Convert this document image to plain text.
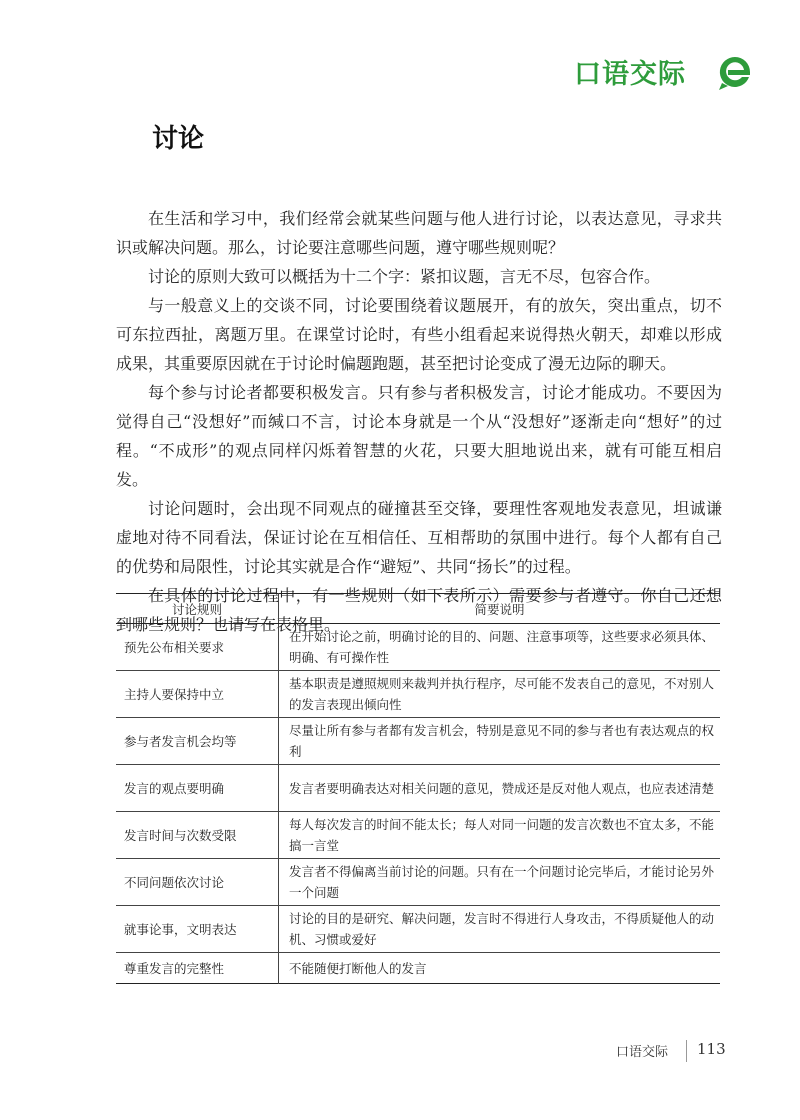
口语交际
讨论

在生活和学习中，我们经常会就某些问题与他人进行讨论，以表达意见，寻求共识或解决问题。那么，讨论要注意哪些问题，遵守哪些规则呢？

讨论的原则大致可以概括为十二个字：紧扣议题，言无不尽，包容合作。

与一般意义上的交谈不同，讨论要围绕着议题展开，有的放矢，突出重点，切不可东拉西扯，离题万里。在课堂讨论时，有些小组看起来说得热火朝天，却难以形成成果，其重要原因就在于讨论时偏题跑题，甚至把讨论变成了漫无边际的聊天。

每个参与讨论者都要积极发言。只有参与者积极发言，讨论才能成功。不要因为觉得自己“没想好”而缄口不言，讨论本身就是一个从“没想好”逐渐走向“想好”的过程。“不成形”的观点同样闪烁着智慧的火花，只要大胆地说出来，就有可能互相启发。

讨论问题时，会出现不同观点的碰撞甚至交锋，要理性客观地发表意见，坦诚谦虚地对待不同看法，保证讨论在互相信任、互相帮助的氛围中进行。每个人都有自己的优势和局限性，讨论其实就是合作“避短”、共同“扬长”的过程。

在具体的讨论过程中，有一些规则（如下表所示）需要参与者遵守。你自己还想到哪些规则？也请写在表格里。

讨论规则	简要说明
预先公布相关要求	在开始讨论之前，明确讨论的目的、问题、注意事项等，这些要求必须具体、明确、有可操作性
主持人要保持中立	基本职责是遵照规则来裁判并执行程序，尽可能不发表自己的意见，不对别人的发言表现出倾向性
参与者发言机会均等	尽量让所有参与者都有发言机会，特别是意见不同的参与者也有表达观点的权利
发言的观点要明确	发言者要明确表达对相关问题的意见，赞成还是反对他人观点，也应表述清楚
发言时间与次数受限	每人每次发言的时间不能太长；每人对同一问题的发言次数也不宜太多，不能搞一言堂
不同问题依次讨论	发言者不得偏离当前讨论的问题。只有在一个问题讨论完毕后，才能讨论另外一个问题
就事论事，文明表达	讨论的目的是研究、解决问题，发言时不得进行人身攻击，不得质疑他人的动机、习惯或爱好
尊重发言的完整性	不能随便打断他人的发言
口语交际 113
